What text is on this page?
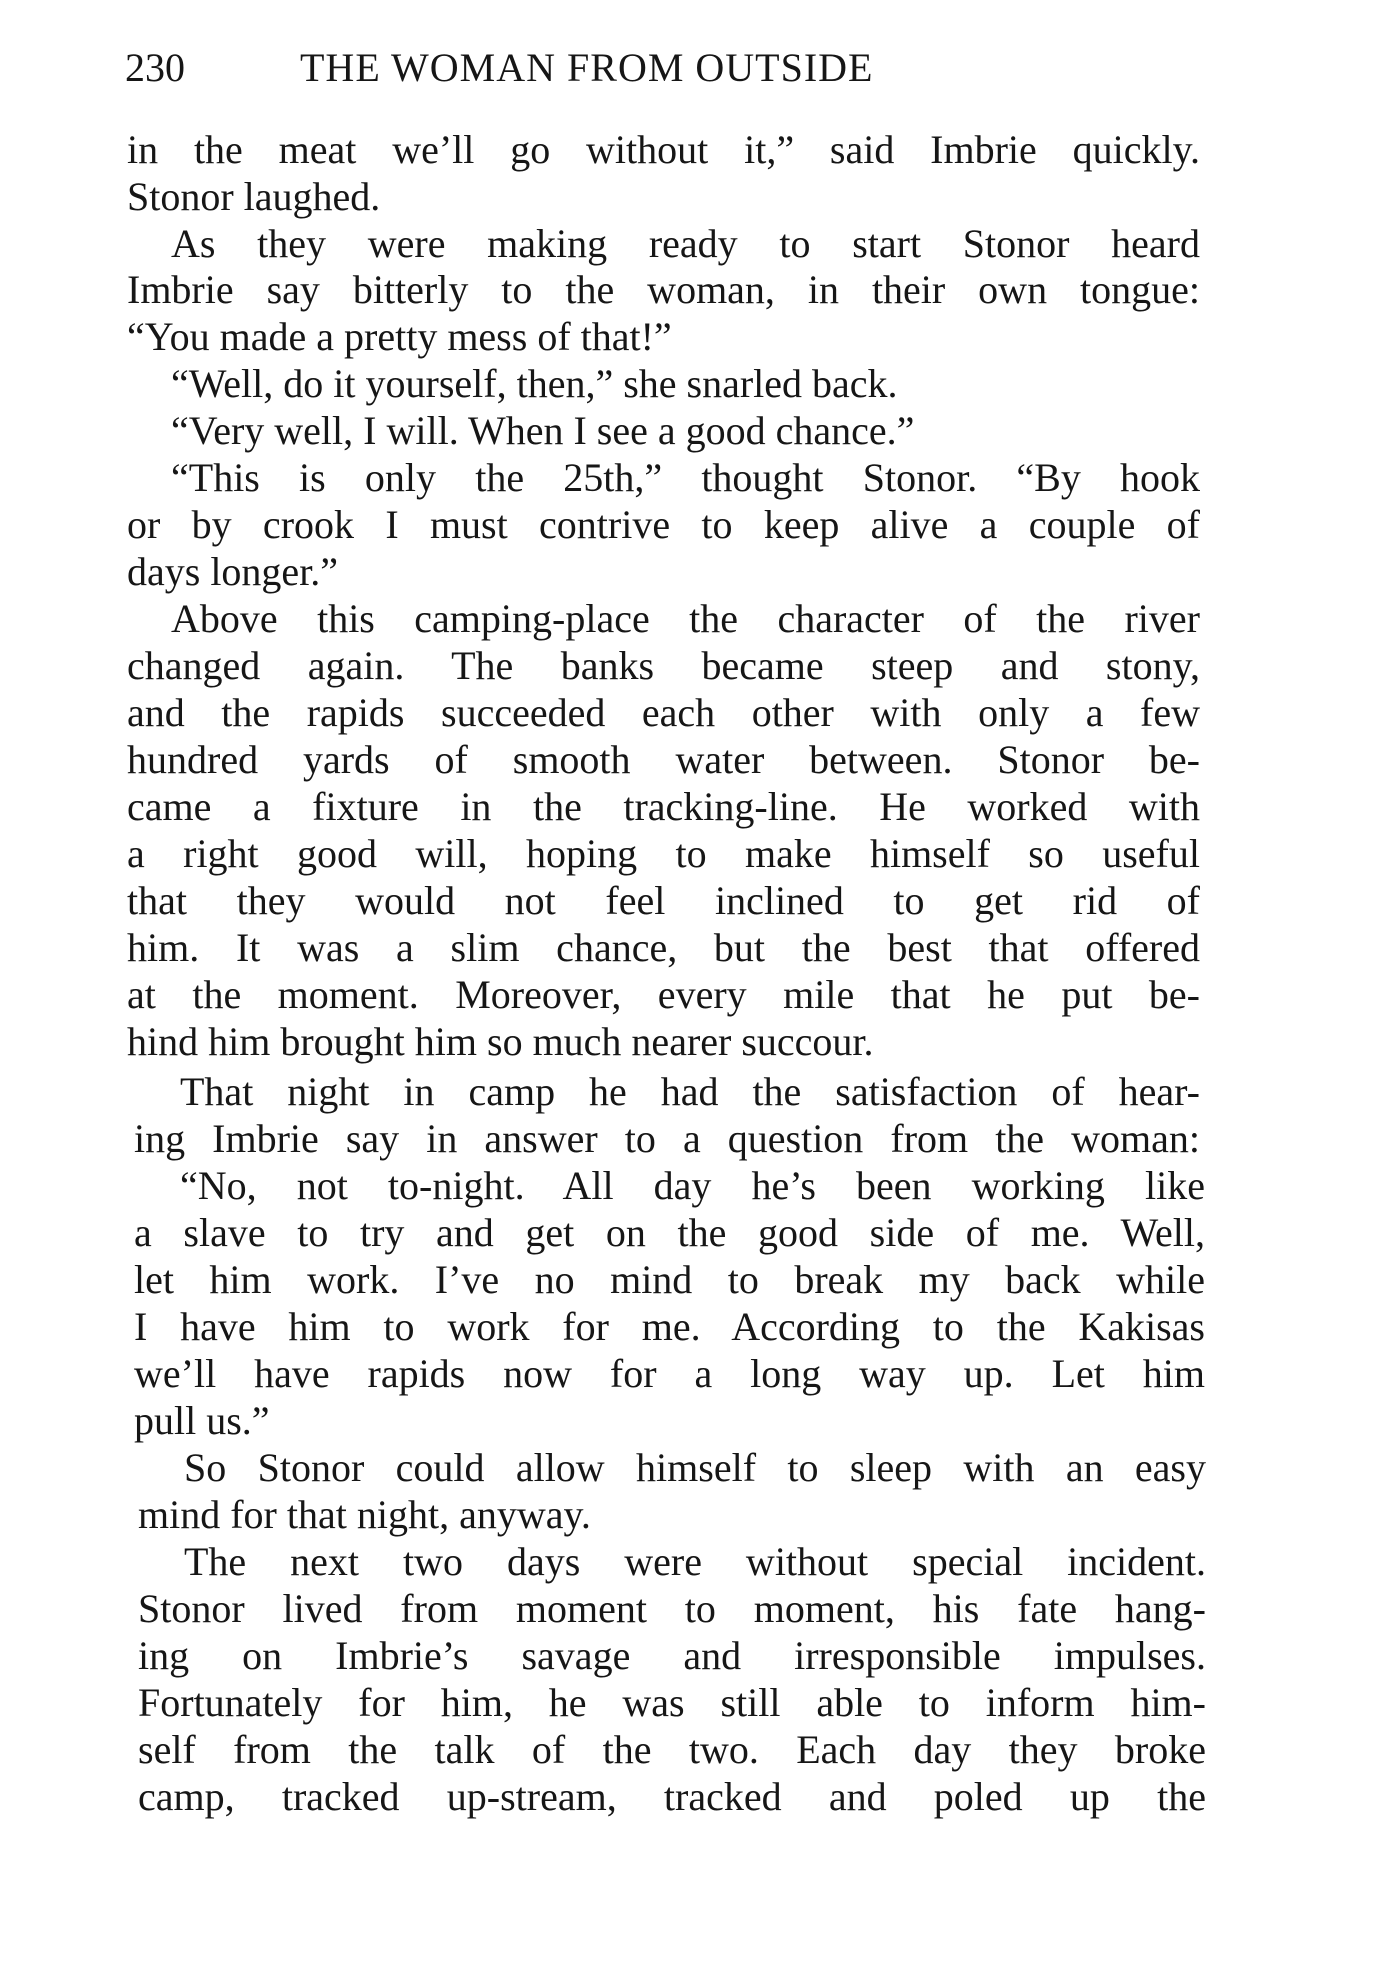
230	THE WOMAN FROM OUTSIDE
in the meat we’ll go without it,” said Imbrie quickly.
Stonor laughed.
As they were making ready to start Stonor heard
Imbrie say bitterly to the woman, in their own tongue:
“You made a pretty mess of that!”
“Well, do it yourself, then,” she snarled back.
“Very well, I will. When I see a good chance.”
“This is only the 25th,” thought Stonor. “By hook
or by crook I must contrive to keep alive a couple of
days longer.”
Above this camping-place the character of the river
changed again. The banks became steep and stony,
and the rapids succeeded each other with only a few
hundred yards of smooth water between. Stonor be-
came a fixture in the tracking-line. He worked with
a right good will, hoping to make himself so useful
that they would not feel inclined to get rid of
him. It was a slim chance, but the best that offered
at the moment. Moreover, every mile that he put be-
hind him brought him so much nearer succour.
That night in camp he had the satisfaction of hear-
ing Imbrie say in answer to a question from the woman:
“No, not to-night. All day he’s been working like
a slave to try and get on the good side of me. Well,
let him work. I’ve no mind to break my back while
I have him to work for me. According to the Kakisas
we’ll have rapids now for a long way up. Let him
pull us.”
So Stonor could allow himself to sleep with an easy
mind for that night, anyway.
The next two days were without special incident.
Stonor lived from moment to moment, his fate hang-
ing on Imbrie’s savage and irresponsible impulses.
Fortunately for him, he was still able to inform him-
self from the talk of the two. Each day they broke
camp, tracked up-stream, tracked and poled up the
